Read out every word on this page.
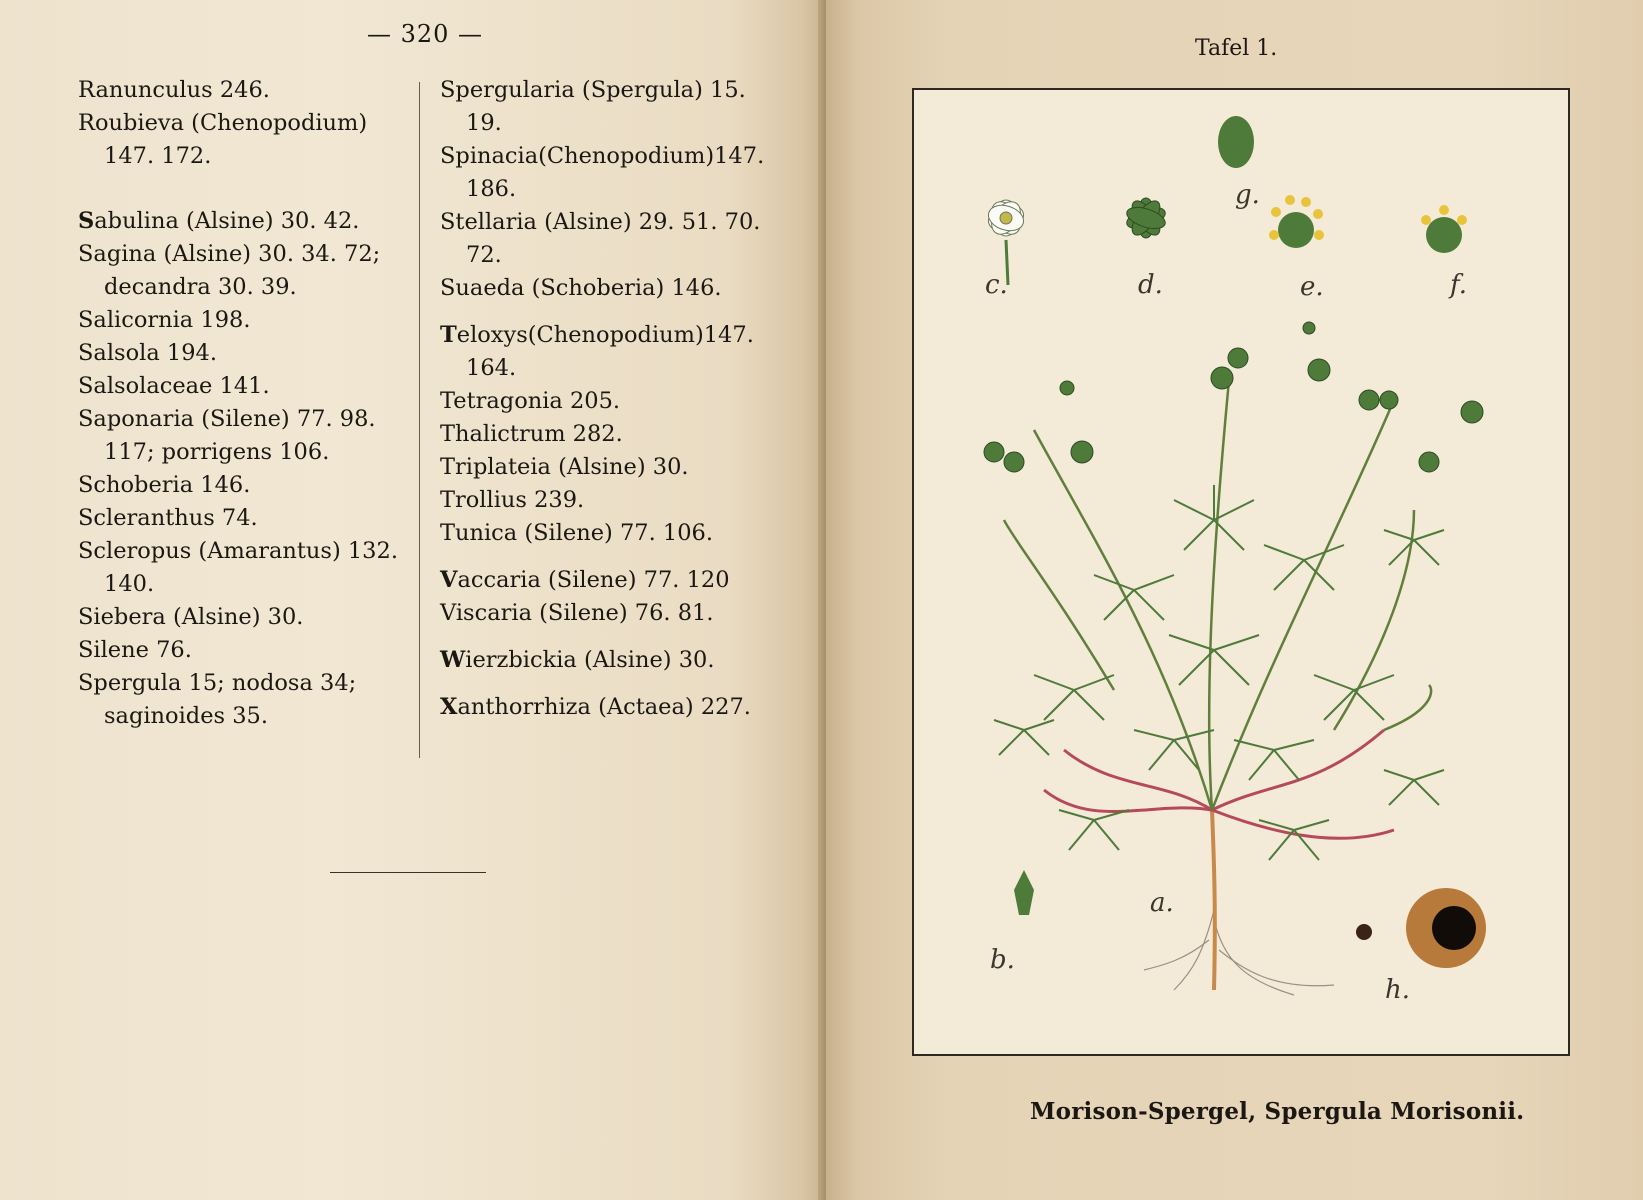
— 320 —

Ranunculus 246.

Roubieva (Chenopodium)
147. 172.

Sabulina (Alsine) 30. 42.

Sagina (Alsine) 30. 34. 72;
decandra 30. 39.

Salicornia 198.

Salsola 194.

Salsolaceae 141.

Saponaria (Silene) 77. 98.
117; porrigens 106.

Schoberia 146.

Scleranthus 74.

Scleropus (Amarantus) 132.
140.

Siebera (Alsine) 30.

Silene 76.

Spergula 15; nodosa 34;
saginoides 35.

Spergularia (Spergula) 15.
19.

Spinacia(Chenopodium)147.
186.

Stellaria (Alsine) 29. 51. 70.
72.

Suaeda (Schoberia) 146.

Teloxys(Chenopodium)147.
164.

Tetragonia 205.

Thalictrum 282.

Triplateia (Alsine) 30.

Trollius 239.

Tunica (Silene) 77. 106.

Vaccaria (Silene) 77. 120

Viscaria (Silene) 76. 81.

Wierzbickia (Alsine) 30.

Xanthorrhiza (Actaea) 227.

Tafel 1.
g.
c.	d.	e.	f.
a.
b.
h.
Morison-Spergel, Spergula Morisonii.
